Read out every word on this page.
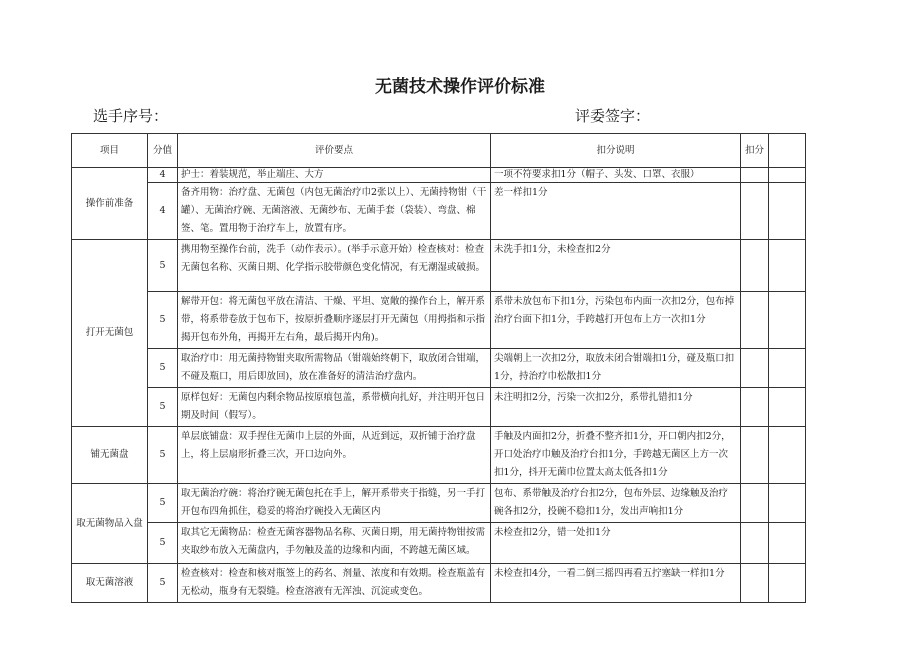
无菌技术操作评价标准
选手序号：	评委签字：
项目	分值	评价要点	扣分说明	扣分	
操作前准备	4	护士：着装规范，举止端庄、大方	一项不符要求扣1分（帽子、头发、口罩、衣服）		
	4	备齐用物：治疗盘、无菌包（内包无菌治疗巾2张以上）、无菌持物钳（干罐）、无菌治疗碗、无菌溶液、无菌纱布、无菌手套（袋装）、弯盘、棉签、笔。置用物于治疗车上，放置有序。	差一样扣1分		
打开无菌包	5	携用物至操作台前，洗手（动作表示）。(举手示意开始）检查核对：检查无菌包名称、灭菌日期、化学指示胶带颜色变化情况，有无潮湿或破损。	未洗手扣1分，未检查扣2分		
	5	解带开包：将无菌包平放在清洁、干燥、平坦、宽敞的操作台上，解开系带，将系带卷放于包布下，按原折叠顺序逐层打开无菌包（用拇指和示指揭开包布外角，再揭开左右角，最后揭开内角)。	系带未放包布下扣1分，污染包布内面一次扣2分，包布掉治疗台面下扣1分，手跨越打开包布上方一次扣1分		
	5	取治疗巾：用无菌持物钳夹取所需物品（钳端始终朝下，取放闭合钳端，不碰及瓶口，用后即放回)，放在准备好的清洁治疗盘内。	尖端朝上一次扣2分，取放未闭合钳端扣1分，碰及瓶口扣1分，持治疗巾松散扣1分		
	5	原样包好：无菌包内剩余物品按原痕包盖，系带横向扎好，并注明开包日期及时间（假写）。	未注明扣2分，污染一次扣2分，系带扎错扣1分		
铺无菌盘	5	单层底铺盘：双手捏住无菌巾上层的外面，从近到远，双折铺于治疗盘上，将上层扇形折叠三次，开口边向外。	手触及内面扣2分，折叠不整齐扣1分，开口朝内扣2分，开口处治疗巾触及治疗台扣1分，手跨越无菌区上方一次扣1分，抖开无菌巾位置太高太低各扣1分		
取无菌物品入盘	5	取无菌治疗碗：将治疗碗无菌包托在手上，解开系带夹于指缝，另一手打开包布四角抓住，稳妥的将治疗碗投入无菌区内	包布、系带触及治疗台扣2分，包布外层、边缘触及治疗碗各扣2分，投碗不稳扣1分，发出声响扣1分		
	5	取其它无菌物品：检查无菌容器物品名称、灭菌日期，用无菌持物钳按需夹取纱布放入无菌盘内，手勿触及盖的边缘和内面，不跨越无菌区域。	未检查扣2分，错一处扣1分		
取无菌溶液	5	检查核对：检查和核对瓶签上的药名、剂量、浓度和有效期。检查瓶盖有无松动，瓶身有无裂缝。检查溶液有无浑浊、沉淀或变色。	未检查扣4分，一看二倒三摇四再看五拧塞缺一样扣1分		
